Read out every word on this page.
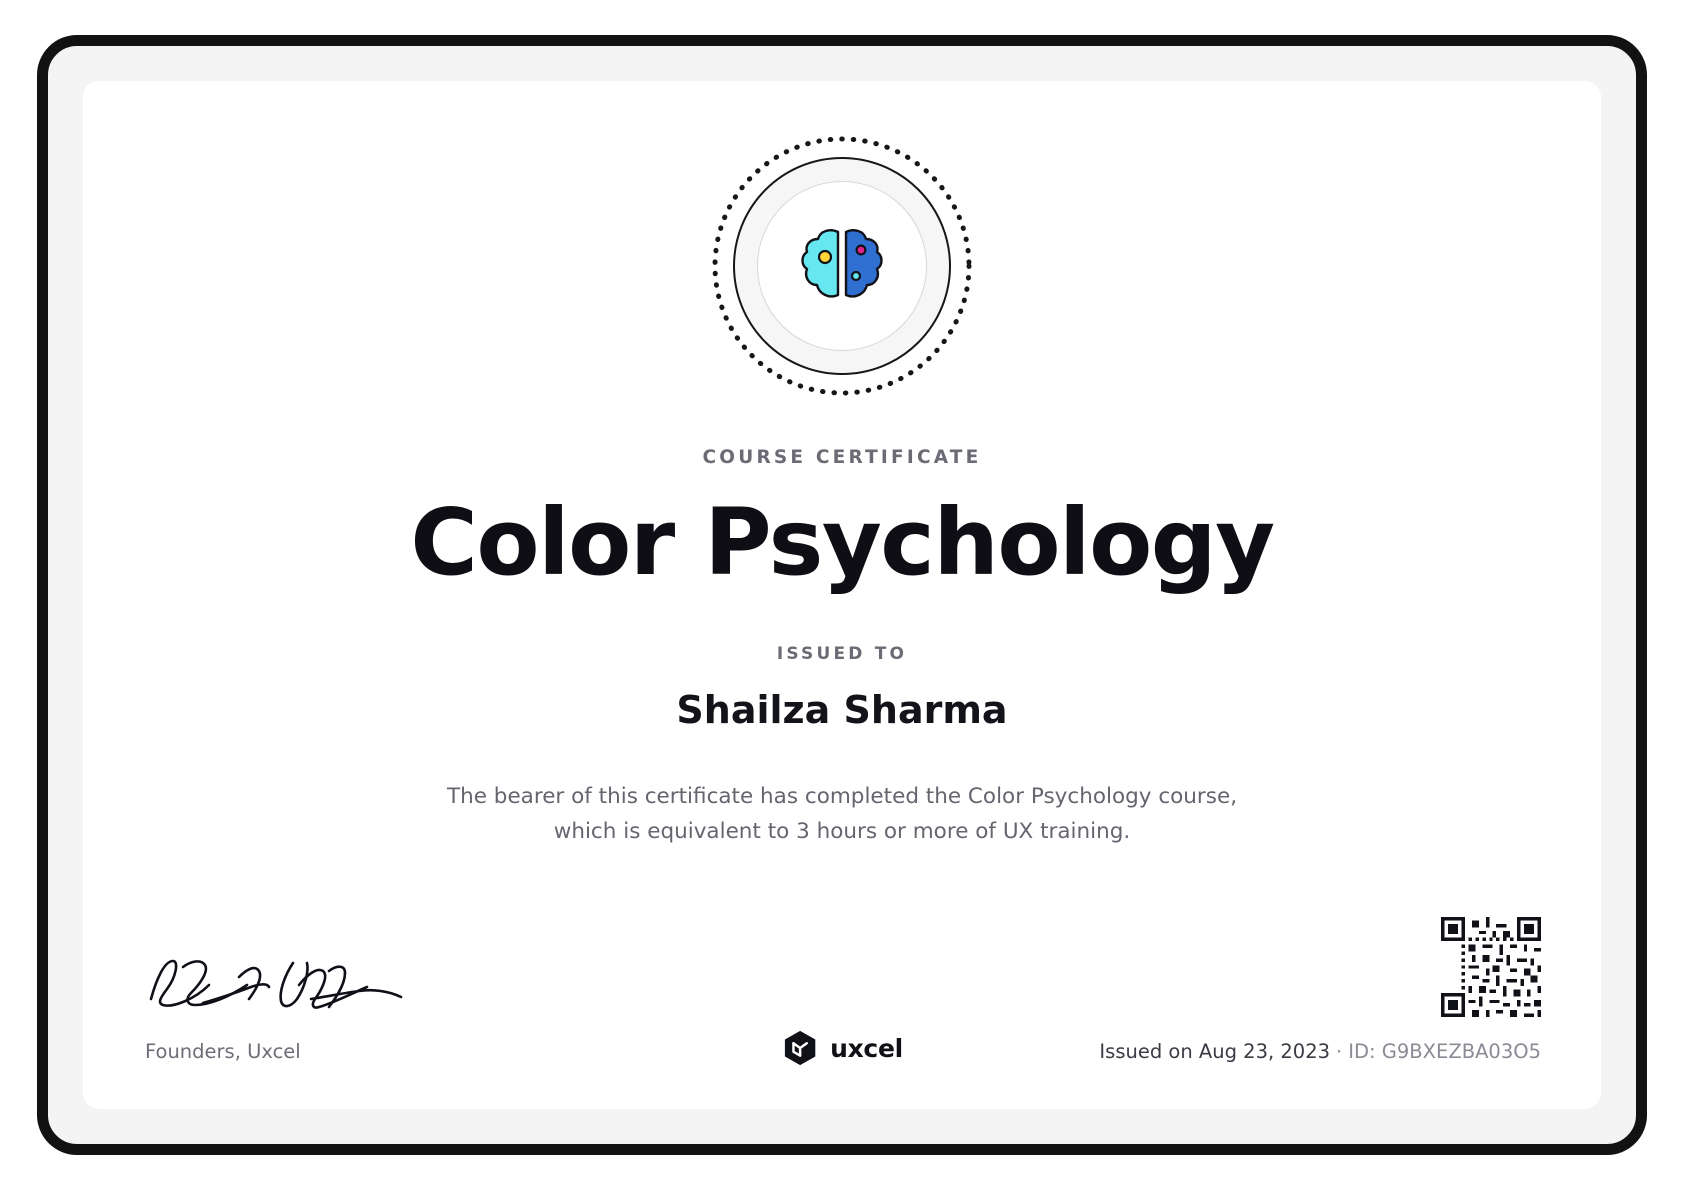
COURSE CERTIFICATE
Color Psychology
ISSUED TO
Shailza Sharma
The bearer of this certificate has completed the Color Psychology course,
which is equivalent to 3 hours or more of UX training.
Founders, Uxcel	uxcel	Issued on Aug 23, 2023 · ID: G9BXEZBA03O5
